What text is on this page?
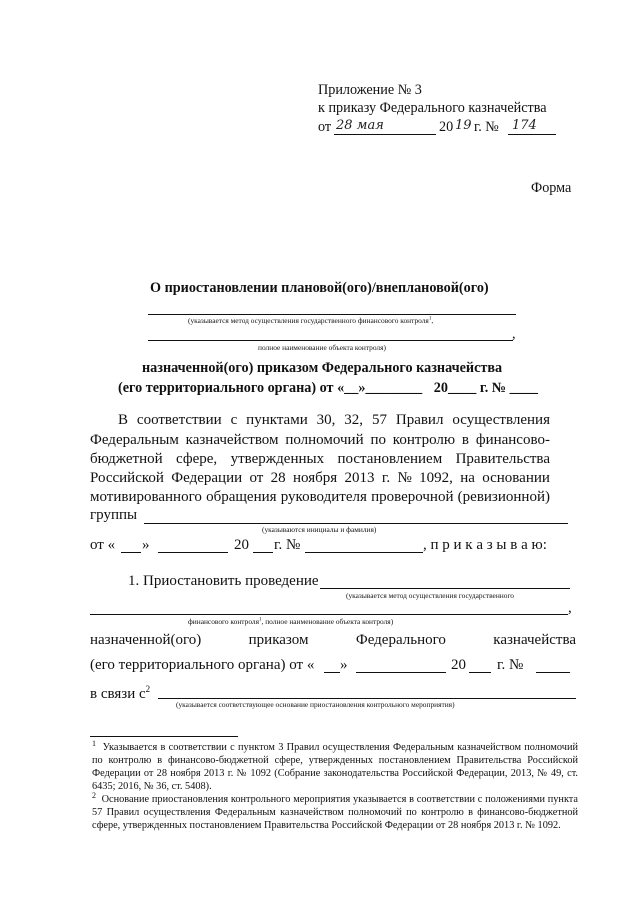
Приложение № 3
к приказу Федерального казначейства
от 28 мая	20 19 г. № 174
Форма
О приостановлении плановой(ого)/внеплановой(ого)
(указывается метод осуществления государственного финансового контроля$^1$,
,
полное наименование объекта контроля)
назначенной(ого) приказом Федерального казначейства
(его территориального органа) от «__»________ 20____ г. № ____
В соответствии с пунктами 30, 32, 57 Правил осуществления
Федеральным казначейством полномочий по контролю в финансово-
бюджетной сфере, утвержденных постановлением Правительства
Российской Федерации от 28 ноября 2013 г. № 1092, на основании
мотивированного обращения руководителя проверочной (ревизионной)
группы
(указываются инициалы и фамилия)
от « »	20 г. №	, п р и к а з ы в а ю:
1. Приостановить проведение
(указывается метод осуществления государственного
,
финансового контроля$^1$, полное наименование объекта контроля)
назначенной(ого)	приказом	Федерального	казначейства
(его территориального органа) от « »	20 г. №
в связи $с^2$
(указывается соответствующее основание приостановления контрольного мероприятия)
$^1$ Указывается в соответствии с пунктом 3 Правил осуществления Федеральным казначейством полномочий по контролю в финансово-бюджетной сфере, утвержденных постановлением Правительства Российской Федерации от 28 ноября 2013 г. № 1092 (Собрание законодательства Российской Федерации, 2013, № 49, ст. 6435; 2016, № 36, ст. 5408).
$^2$ Основание приостановления контрольного мероприятия указывается в соответствии с положениями пункта 57 Правил осуществления Федеральным казначейством полномочий по контролю в финансово-бюджетной сфере, утвержденных постановлением Правительства Российской Федерации от 28 ноября 2013 г. № 1092.
